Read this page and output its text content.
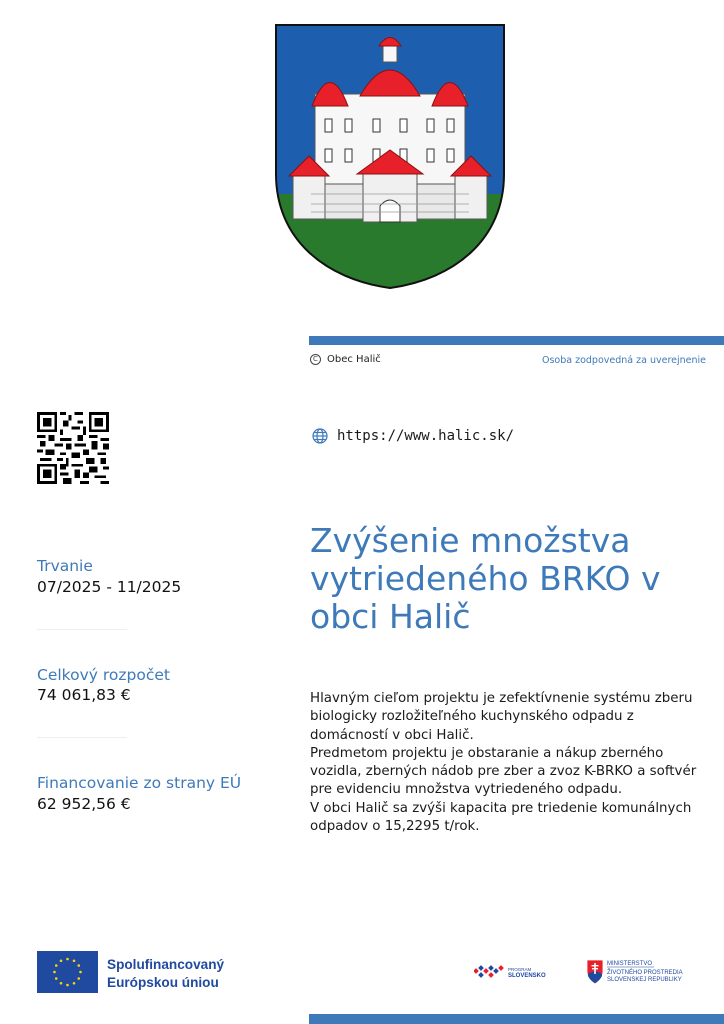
C Obec Halič	Osoba zodpovedná za uverejnenie
https://www.halic.sk/
Zvýšenie množstva vytriedeného BRKO v obci Halič

Hlavným cieľom projektu je zefektívnenie systému zberu biologicky rozložiteľného kuchynského odpadu z domácností v obci Halič.
Predmetom projektu je obstaranie a nákup zberného vozidla, zberných nádob pre zber a zvoz K-BRKO a softvér pre evidenciu množstva vytriedeného odpadu.
V obci Halič sa zvýši kapacita pre triedenie komunálnych odpadov o 15,2295 t/rok.

Trvanie
07/2025 - 11/2025
Celkový rozpočet
74 061,83 €
Financovanie zo strany EÚ
62 952,56 €
Spolufinancovaný
Európskou úniou
PROGRAM
SLOVENSKO
MINISTERSTVO
ŽIVOTNÉHO PROSTREDIA
SLOVENSKEJ REPUBLIKY
